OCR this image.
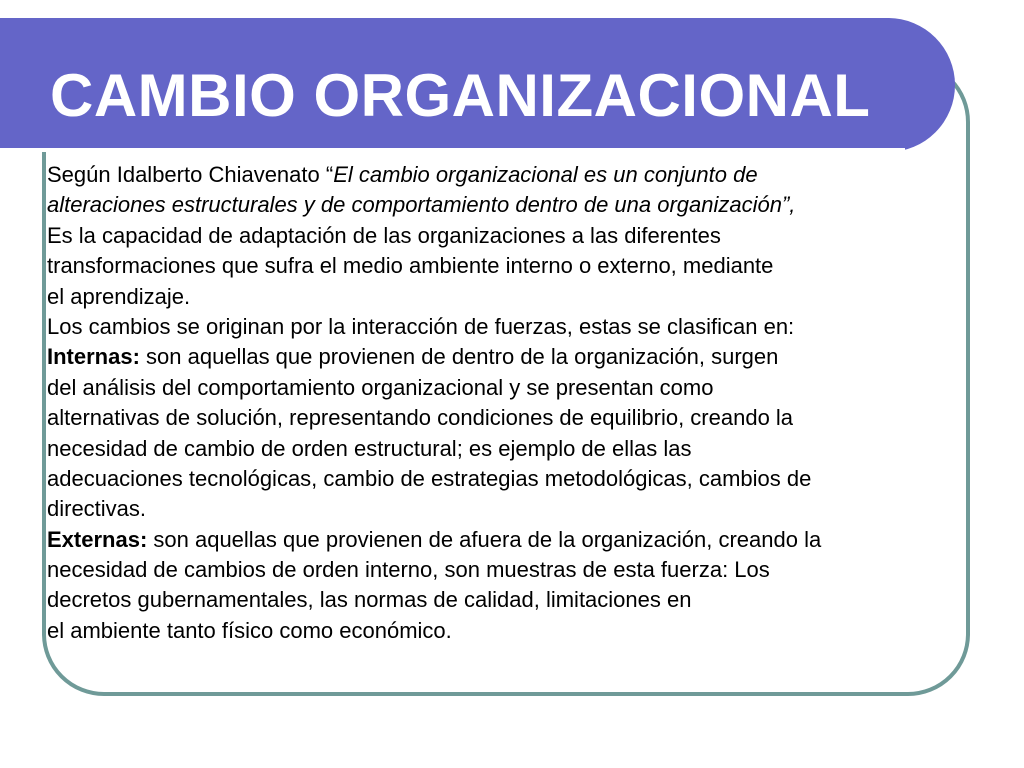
CAMBIO ORGANIZACIONAL
Según Idalberto Chiavenato “El cambio organizacional es un conjunto de
alteraciones estructurales y de comportamiento dentro de una organización”,
Es la capacidad de adaptación de las organizaciones a las diferentes
transformaciones que sufra el medio ambiente interno o externo, mediante
el aprendizaje.
Los cambios se originan por la interacción de fuerzas, estas se clasifican en:
Internas: son aquellas que provienen de dentro de la organización, surgen
del análisis del comportamiento organizacional y se presentan como
alternativas de solución, representando condiciones de equilibrio, creando la
necesidad de cambio de orden estructural; es ejemplo de ellas las
adecuaciones tecnológicas, cambio de estrategias metodológicas, cambios de
directivas.
Externas: son aquellas que provienen de afuera de la organización, creando la
necesidad de cambios de orden interno, son muestras de esta fuerza: Los
decretos gubernamentales, las normas de calidad, limitaciones en
el ambiente tanto físico como económico.
